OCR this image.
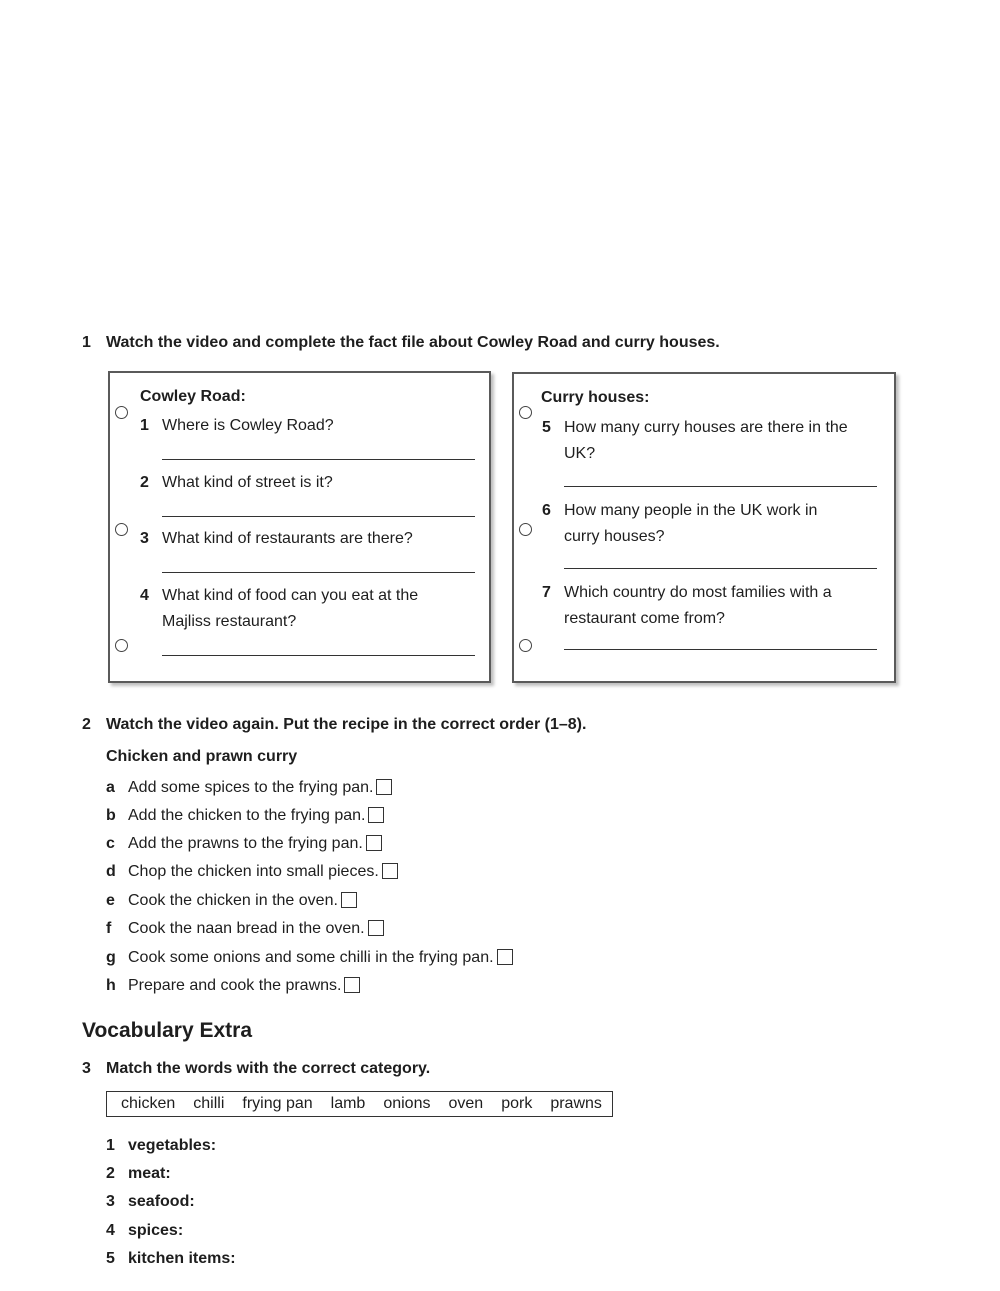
1 Watch the video and complete the fact file about Cowley Road and curry houses.
Cowley Road:
1 Where is Cowley Road?
2 What kind of street is it?
3 What kind of restaurants are there?
4 What kind of food can you eat at the Majliss restaurant?
Curry houses:
5 How many curry houses are there in the UK?
6 How many people in the UK work in curry houses?
7 Which country do most families with a restaurant come from?
2 Watch the video again. Put the recipe in the correct order (1–8).
Chicken and prawn curry
a Add some spices to the frying pan.
b Add the chicken to the frying pan.
c Add the prawns to the frying pan.
d Chop the chicken into small pieces.
e Cook the chicken in the oven.
f Cook the naan bread in the oven.
g Cook some onions and some chilli in the frying pan.
h Prepare and cook the prawns.
Vocabulary Extra
3 Match the words with the correct category.
chicken chilli frying pan lamb onions oven pork prawns
1 vegetables:
2 meat:
3 seafood:
4 spices:
5 kitchen items:
